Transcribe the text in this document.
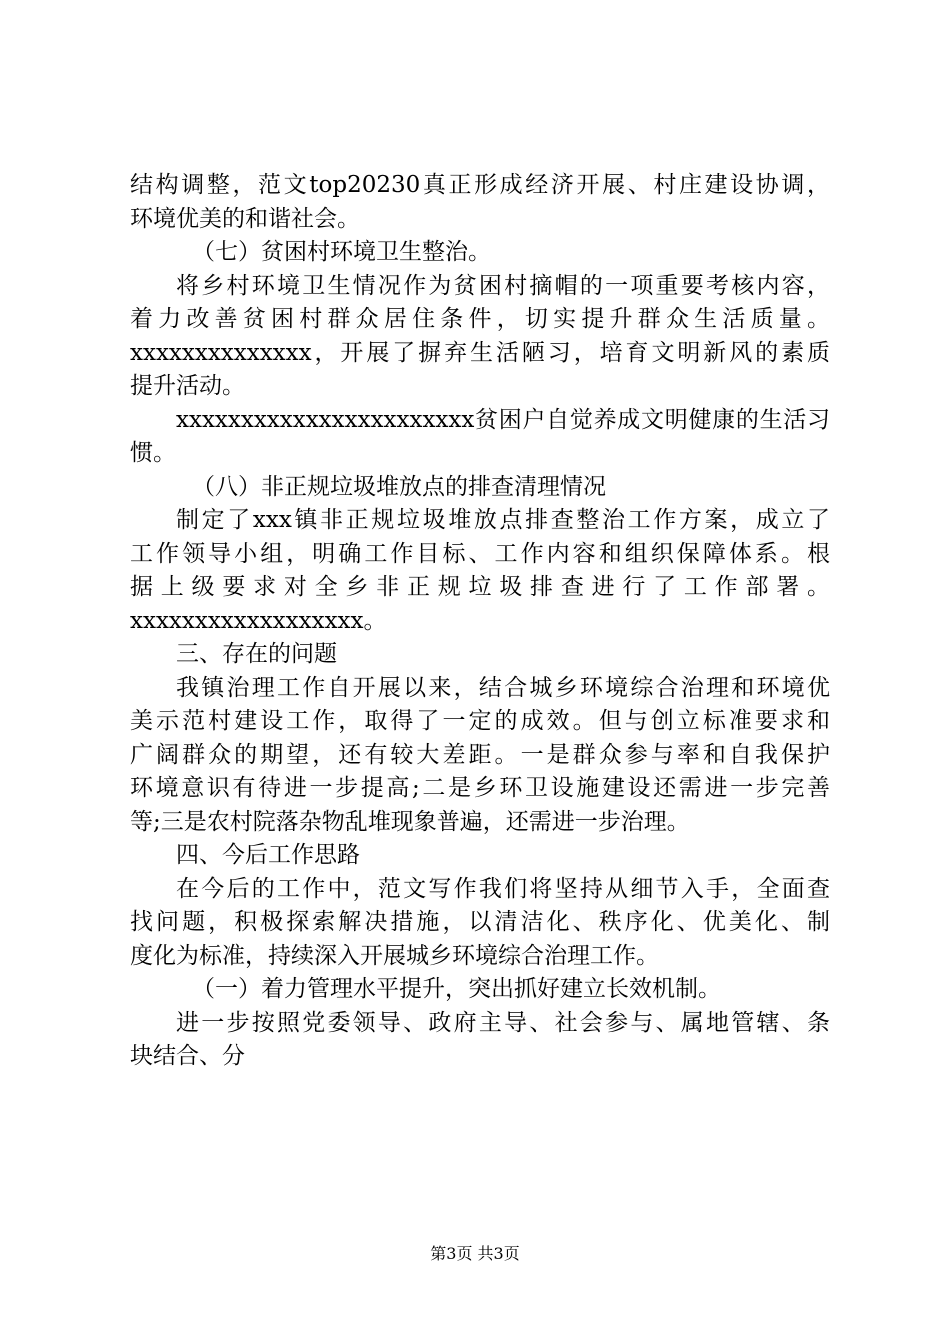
结构调整，范文top20230真正形成经济开展、村庄建设协调，
环境优美的和谐社会。
（七）贫困村环境卫生整治。
将乡村环境卫生情况作为贫困村摘帽的一项重要考核内容，
着力改善贫困村群众居住条件，切实提升群众生活质量。
xxxxxxxxxxxxxx，开展了摒弃生活陋习，培育文明新风的素质
提升活动。
xxxxxxxxxxxxxxxxxxxxxxx贫困户自觉养成文明健康的生活习
惯。
（八）非正规垃圾堆放点的排查清理情况
制定了xxx镇非正规垃圾堆放点排查整治工作方案，成立了
工作领导小组，明确工作目标、工作内容和组织保障体系。根
据上级要求对全乡非正规垃圾排查进行了工作部署。
xxxxxxxxxxxxxxxxxx。
三、存在的问题
我镇治理工作自开展以来，结合城乡环境综合治理和环境优
美示范村建设工作，取得了一定的成效。但与创立标准要求和
广阔群众的期望，还有较大差距。一是群众参与率和自我保护
环境意识有待进一步提高;二是乡环卫设施建设还需进一步完善
等;三是农村院落杂物乱堆现象普遍，还需进一步治理。
四、今后工作思路
在今后的工作中，范文写作我们将坚持从细节入手，全面查
找问题，积极探索解决措施，以清洁化、秩序化、优美化、制
度化为标准，持续深入开展城乡环境综合治理工作。
（一）着力管理水平提升，突出抓好建立长效机制。
进一步按照党委领导、政府主导、社会参与、属地管辖、条
块结合、分
第3页 共3页
